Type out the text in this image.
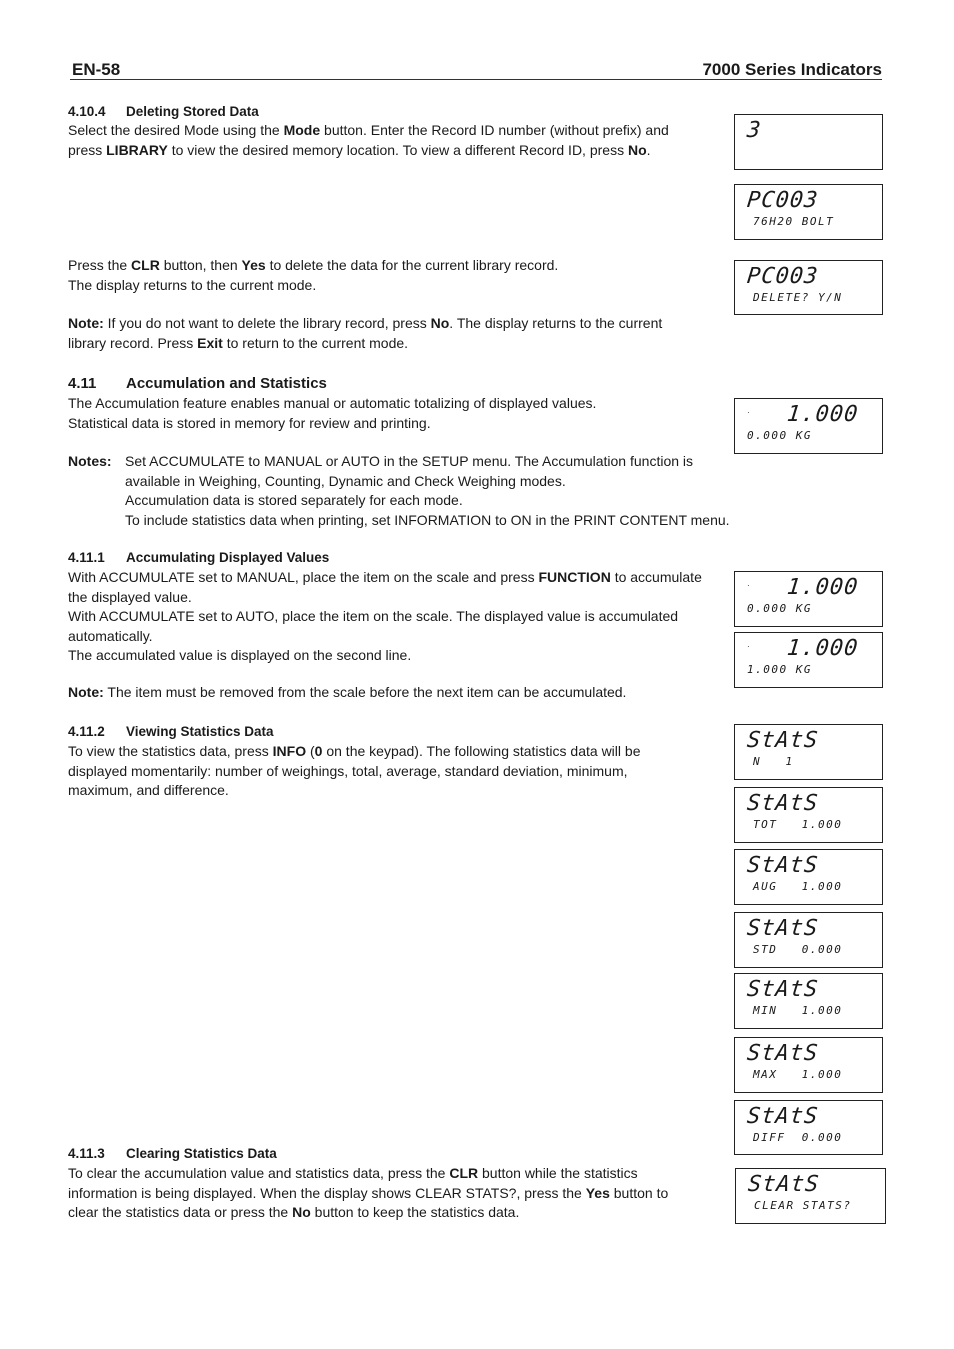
EN-58	7000 Series Indicators
4.10.4 Deleting Stored Data
Select the desired Mode using the Mode button. Enter the Record ID number (without prefix) and press LIBRARY to view the desired memory location. To view a different Record ID, press No.

Press the CLR button, then Yes to delete the data for the current library record.

The display returns to the current mode.

Note: If you do not want to delete the library record, press No. The display returns to the current library record. Press Exit to return to the current mode.
4.11 Accumulation and Statistics

The Accumulation feature enables manual or automatic totalizing of displayed values.

Statistical data is stored in memory for review and printing.

Notes: Set ACCUMULATE to MANUAL or AUTO in the SETUP menu. The Accumulation function is available in Weighing, Counting, Dynamic and Check Weighing modes.

Accumulation data is stored separately for each mode.

To include statistics data when printing, set INFORMATION to ON in the PRINT CONTENT menu.

4.11.1 Accumulating Displayed Values

With ACCUMULATE set to MANUAL, place the item on the scale and press FUNCTION to accumulate the displayed value.

With ACCUMULATE set to AUTO, place the item on the scale. The displayed value is accumulated automatically.

The accumulated value is displayed on the second line.

Note: The item must be removed from the scale before the next item can be accumulated.
4.11.2 Viewing Statistics Data
To view the statistics data, press INFO (0 on the keypad). The following statistics data will be displayed momentarily: number of weighings, total, average, standard deviation, minimum, maximum, and difference.
4.11.3 Clearing Statistics Data
To clear the accumulation value and statistics data, press the CLR button while the statistics information is being displayed. When the display shows CLEAR STATS?, press the Yes button to clear the statistics data or press the No button to keep the statistics data.
3
PC003
76H20 BOLT
PC003
DELETE? Y/N
· 1.000
0.000 KG
· 1.000
0.000 KG
· 1.000
1.000 KG
StAtS
N   1
StAtS
TOT   1.000
StAtS
AUG   1.000
StAtS
STD   0.000
StAtS
MIN   1.000
StAtS
MAX   1.000
StAtS
DIFF  0.000
StAtS
CLEAR STATS?
